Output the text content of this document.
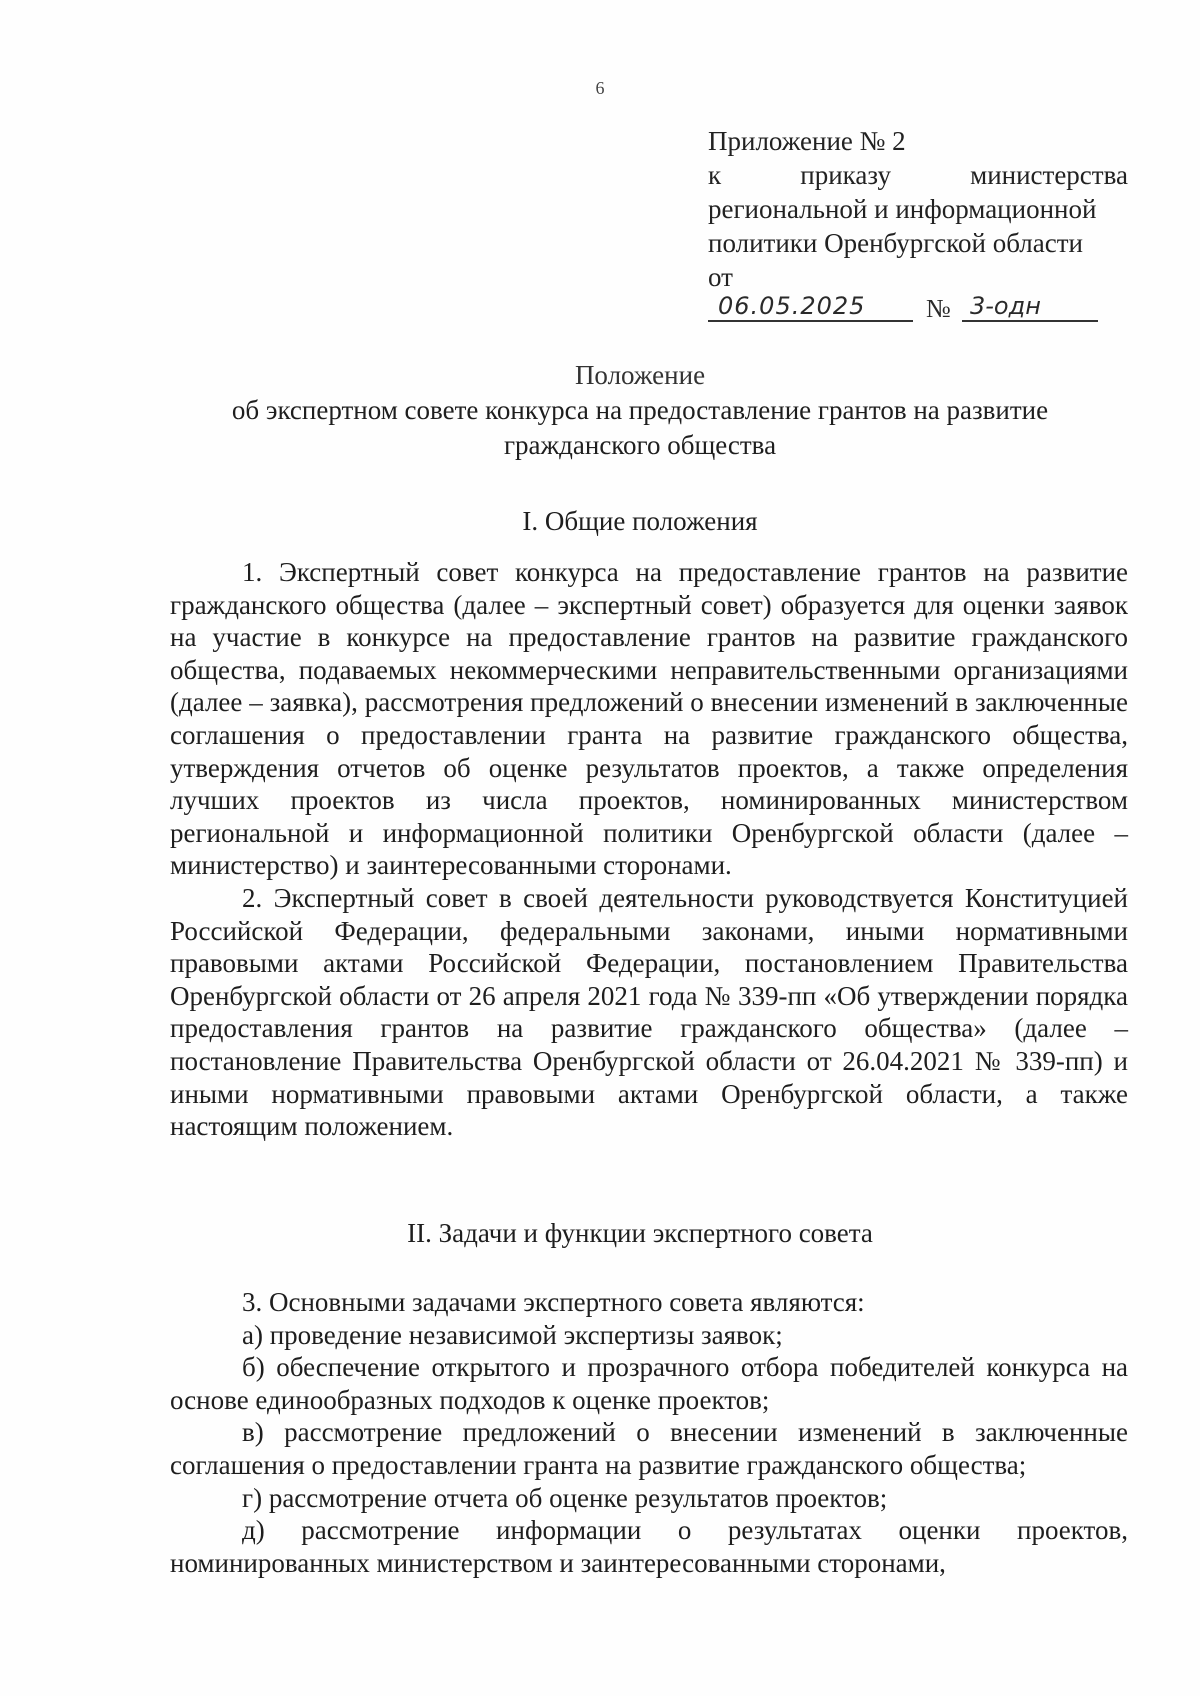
6
Приложение № 2
к	приказу	министерства
региональной и информационной
политики Оренбургской области
от
06.05.2025	№ 3-одн
Положение
об экспертном совете конкурса на предоставление грантов на развитие гражданского общества
I. Общие положения

1. Экспертный совет конкурса на предоставление грантов на развитие гражданского общества (далее – экспертный совет) образуется для оценки заявок на участие в конкурсе на предоставление грантов на развитие гражданского общества, подаваемых некоммерческими неправительственными организациями (далее – заявка), рассмотрения предложений о внесении изменений в заключенные соглашения о предоставлении гранта на развитие гражданского общества, утверждения отчетов об оценке результатов проектов, а также определения лучших проектов из числа проектов, номинированных министерством региональной и информационной политики Оренбургской области (далее – министерство) и заинтересованными сторонами.

2. Экспертный совет в своей деятельности руководствуется Конституцией Российской Федерации, федеральными законами, иными нормативными правовыми актами Российской Федерации, постановлением Правительства Оренбургской области от 26 апреля 2021 года № 339-пп «Об утверждении порядка предоставления грантов на развитие гражданского общества» (далее – постановление Правительства Оренбургской области от 26.04.2021 № 339-пп) и иными нормативными правовыми актами Оренбургской области, а также настоящим положением.

II. Задачи и функции экспертного совета

3. Основными задачами экспертного совета являются:

а) проведение независимой экспертизы заявок;

б) обеспечение открытого и прозрачного отбора победителей конкурса на основе единообразных подходов к оценке проектов;

в) рассмотрение предложений о внесении изменений в заключенные соглашения о предоставлении гранта на развитие гражданского общества;

г) рассмотрение отчета об оценке результатов проектов;

д) рассмотрение информации о результатах оценки проектов, номинированных министерством и заинтересованными сторонами,
